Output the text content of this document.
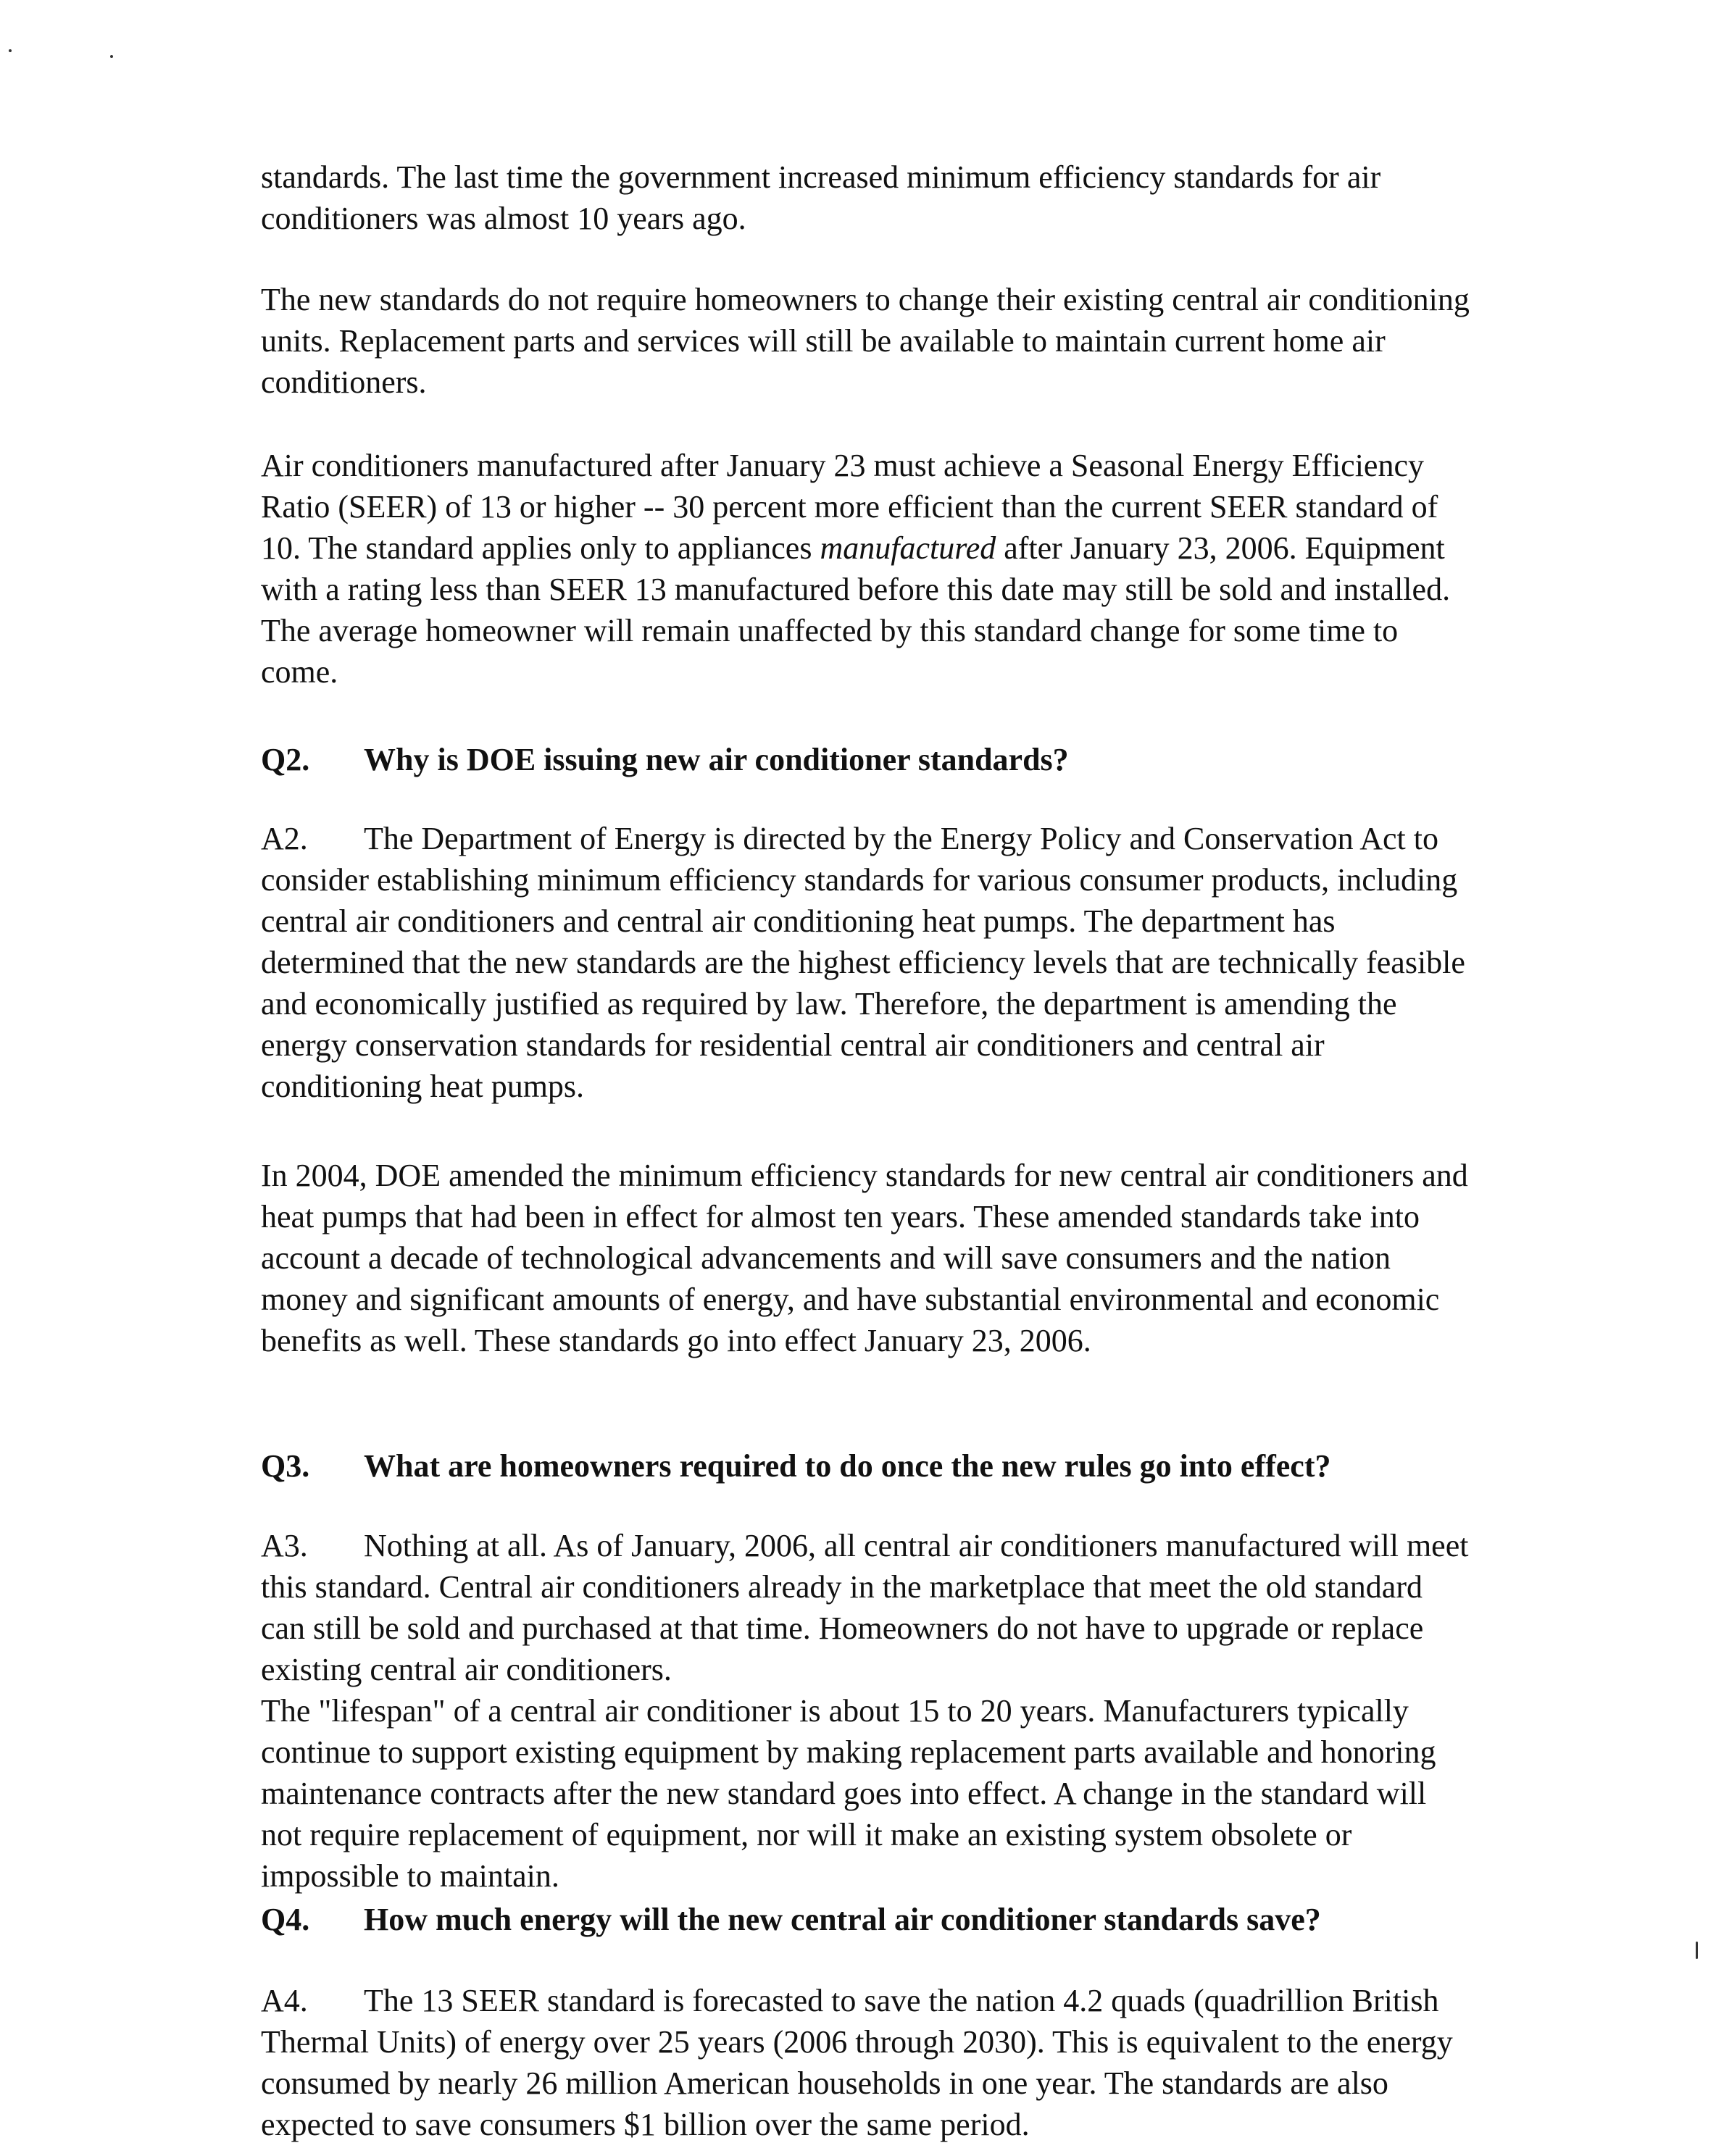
standards. The last time the government increased minimum efficiency standards for air
conditioners was almost 10 years ago.
The new standards do not require homeowners to change their existing central air conditioning
units. Replacement parts and services will still be available to maintain current home air
conditioners.
Air conditioners manufactured after January 23 must achieve a Seasonal Energy Efficiency
Ratio (SEER) of 13 or higher -- 30 percent more efficient than the current SEER standard of
10. The standard applies only to appliances manufactured after January 23, 2006. Equipment
with a rating less than SEER 13 manufactured before this date may still be sold and installed.
The average homeowner will remain unaffected by this standard change for some time to
come.
Q2. Why is DOE issuing new air conditioner standards?
A2. The Department of Energy is directed by the Energy Policy and Conservation Act to
consider establishing minimum efficiency standards for various consumer products, including
central air conditioners and central air conditioning heat pumps. The department has
determined that the new standards are the highest efficiency levels that are technically feasible
and economically justified as required by law. Therefore, the department is amending the
energy conservation standards for residential central air conditioners and central air
conditioning heat pumps.
In 2004, DOE amended the minimum efficiency standards for new central air conditioners and
heat pumps that had been in effect for almost ten years. These amended standards take into
account a decade of technological advancements and will save consumers and the nation
money and significant amounts of energy, and have substantial environmental and economic
benefits as well. These standards go into effect January 23, 2006.
Q3. What are homeowners required to do once the new rules go into effect?
A3. Nothing at all. As of January, 2006, all central air conditioners manufactured will meet
this standard. Central air conditioners already in the marketplace that meet the old standard
can still be sold and purchased at that time. Homeowners do not have to upgrade or replace
existing central air conditioners.
The "lifespan" of a central air conditioner is about 15 to 20 years. Manufacturers typically
continue to support existing equipment by making replacement parts available and honoring
maintenance contracts after the new standard goes into effect. A change in the standard will
not require replacement of equipment, nor will it make an existing system obsolete or
impossible to maintain.
Q4. How much energy will the new central air conditioner standards save?
A4. The 13 SEER standard is forecasted to save the nation 4.2 quads (quadrillion British
Thermal Units) of energy over 25 years (2006 through 2030). This is equivalent to the energy
consumed by nearly 26 million American households in one year. The standards are also
expected to save consumers $1 billion over the same period.
